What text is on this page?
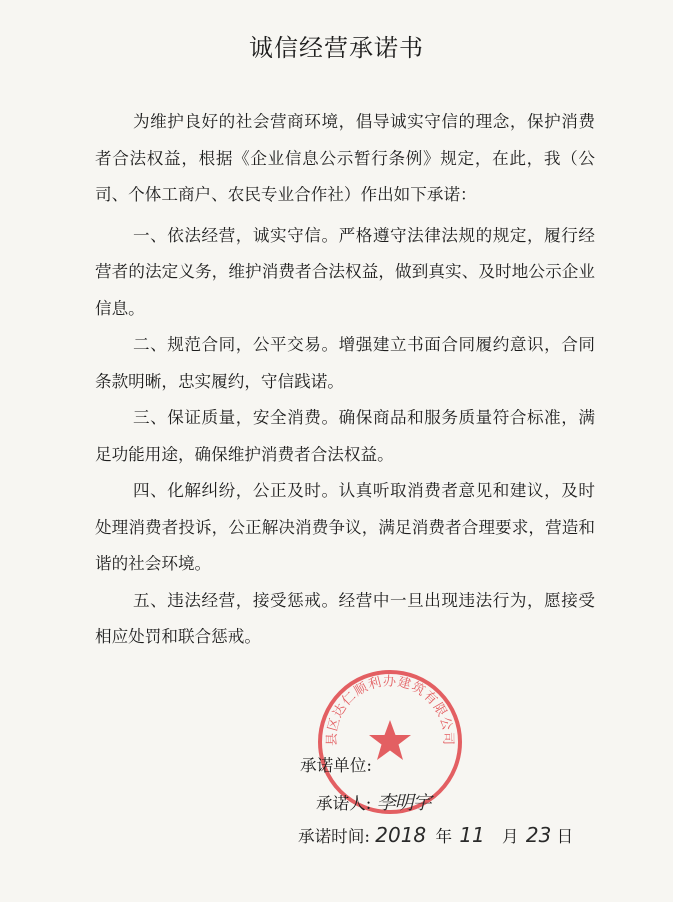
诚信经营承诺书

为维护良好的社会营商环境，倡导诚实守信的理念，保护消费者合法权益，根据《企业信息公示暂行条例》规定，在此，我（公司、个体工商户、农民专业合作社）作出如下承诺：

一、依法经营，诚实守信。严格遵守法律法规的规定，履行经营者的法定义务，维护消费者合法权益，做到真实、及时地公示企业信息。

二、规范合同，公平交易。增强建立书面合同履约意识，合同条款明晰，忠实履约，守信践诺。

三、保证质量，安全消费。确保商品和服务质量符合标准，满足功能用途，确保维护消费者合法权益。

四、化解纠纷，公正及时。认真听取消费者意见和建议，及时处理消费者投诉，公正解决消费争议，满足消费者合理要求，营造和谐的社会环境。

五、违法经营，接受惩戒。经营中一旦出现违法行为，愿接受相应处罚和联合惩戒。

县区达仁顺利办建筑有限公司
承诺单位:
承诺人: 李明宇
承诺时间: 2018 年 11 月 23 日
